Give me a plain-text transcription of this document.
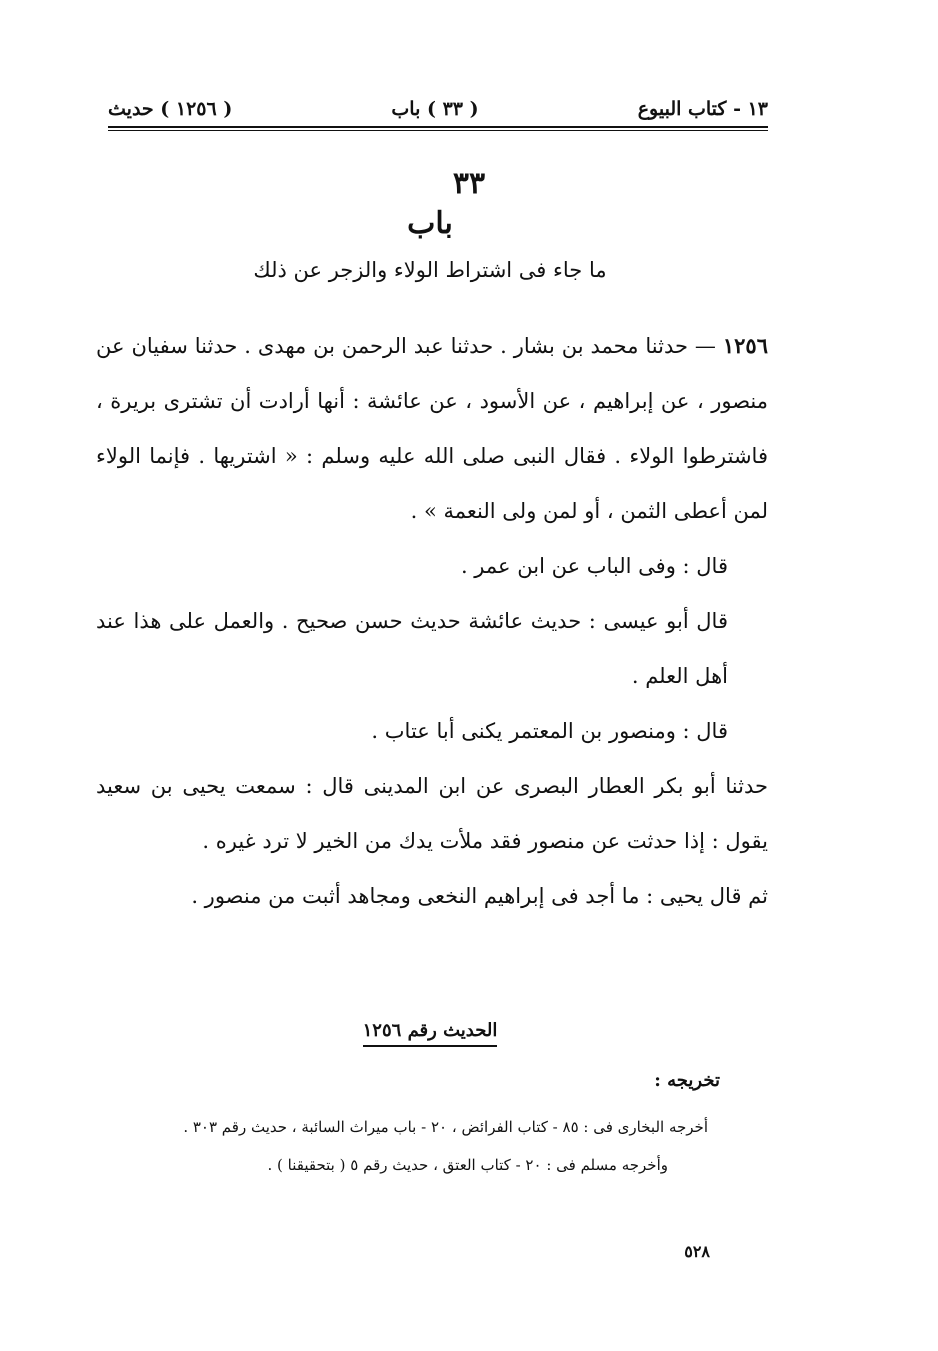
١٣ - كتاب البيوع
( ٣٣ ) باب
( ١٢٥٦ ) حديث
٣٣
باب
ما جاء فى اشتراط الولاء والزجر عن ذلك

١٢٥٦ — حدثنا محمد بن بشار . حدثنا عبد الرحمن بن مهدى . حدثنا سفيان عن منصور ، عن إبراهيم ، عن الأسود ، عن عائشة : أنها أرادت أن تشترى بريرة ، فاشترطوا الولاء . فقال النبى صلى الله عليه وسلم : « اشتريها . فإنما الولاء لمن أعطى الثمن ، أو لمن ولى النعمة » .

قال : وفى الباب عن ابن عمر .

قال أبو عيسى : حديث عائشة حديث حسن صحيح . والعمل على هذا عند أهل العلم .

قال : ومنصور بن المعتمر يكنى أبا عتاب .

حدثنا أبو بكر العطار البصرى عن ابن المدينى قال : سمعت يحيى بن سعيد يقول : إذا حدثت عن منصور فقد ملأت يدك من الخير لا ترد غيره .

ثم قال يحيى : ما أجد فى إبراهيم النخعى ومجاهد أثبت من منصور .

الحديث رقم ١٢٥٦
تخريجه :

أخرجه البخارى فى : ٨٥ - كتاب الفرائض ، ٢٠ - باب ميراث السائبة ، حديث رقم ٣٠٣ .

وأخرجه مسلم فى : ٢٠ - كتاب العتق ، حديث رقم ٥ ( بتحقيقنا ) .

٥٢٨
